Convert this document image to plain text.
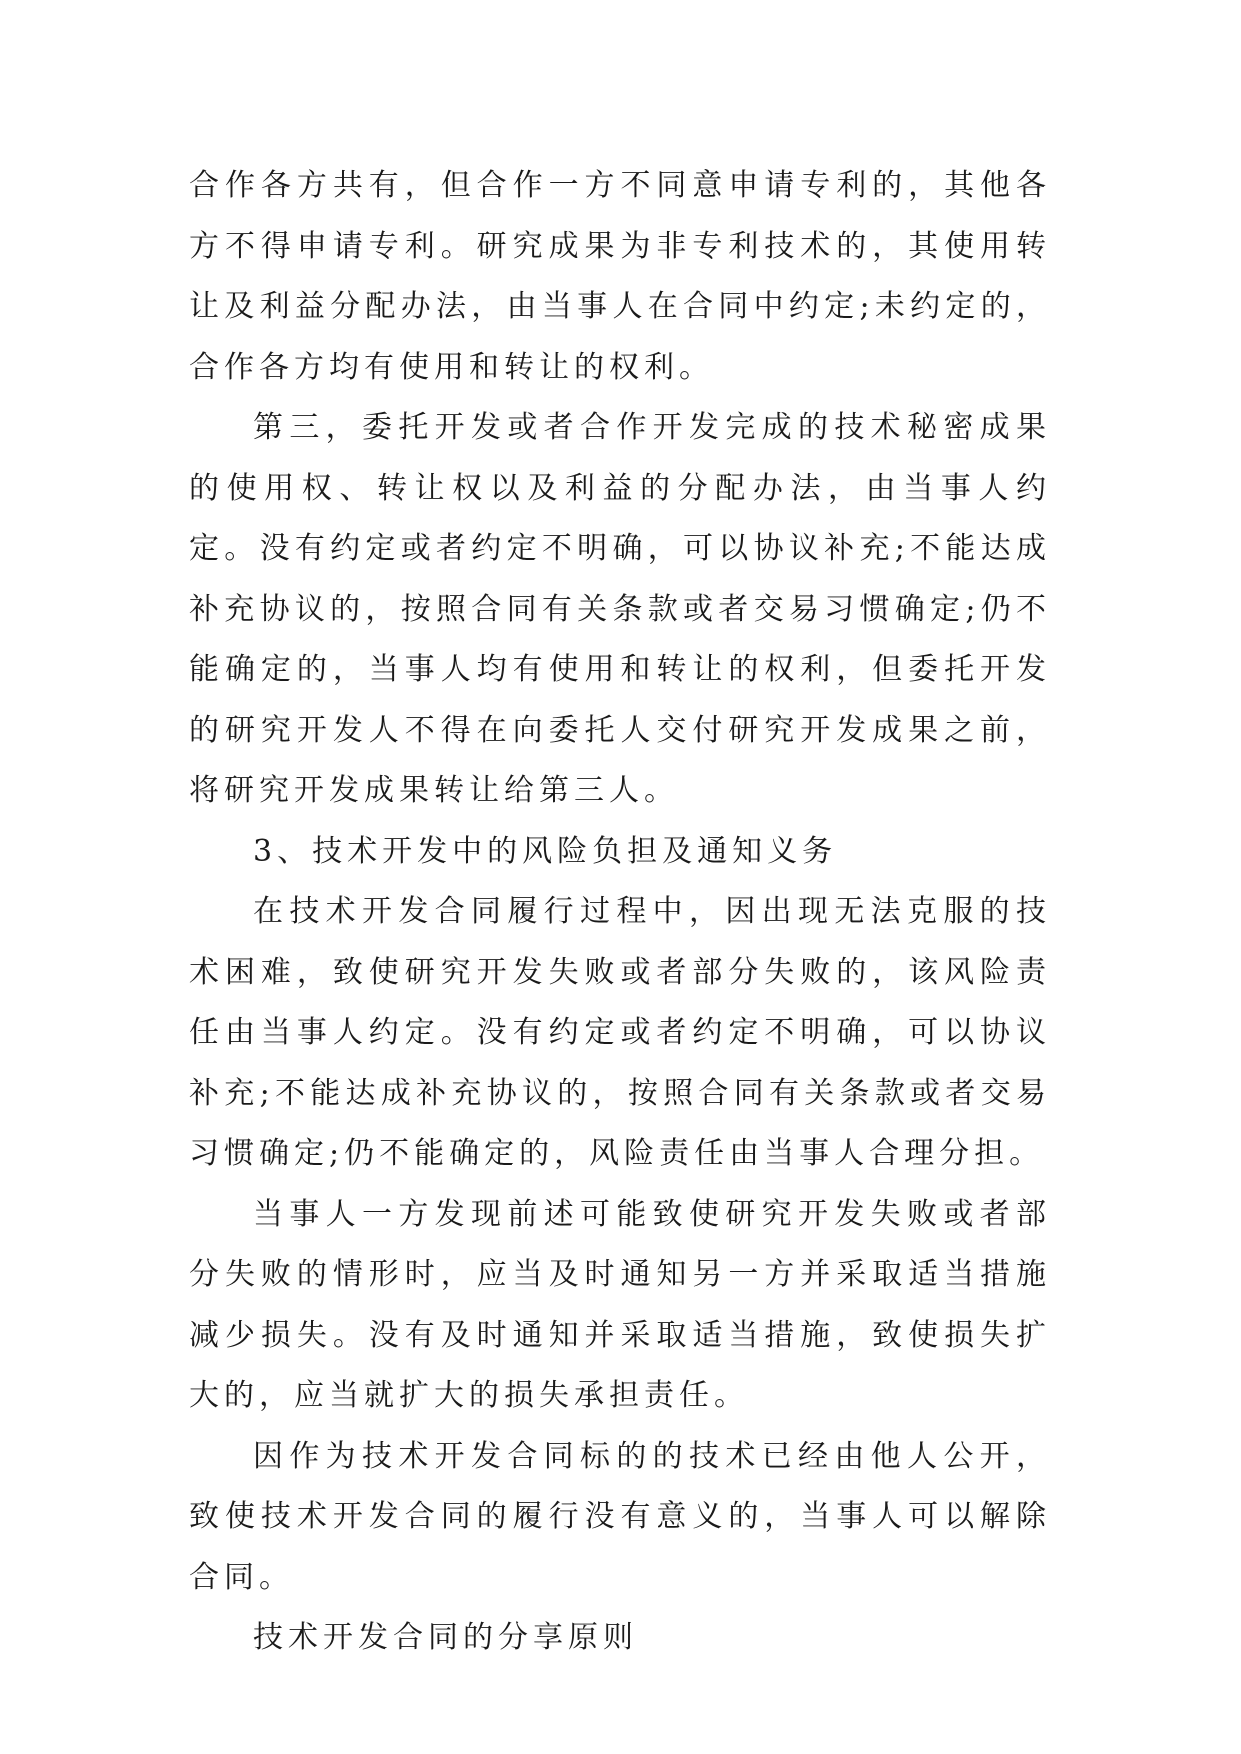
合作各方共有，但合作一方不同意申请专利的，其他各方不得申请专利。研究成果为非专利技术的，其使用转让及利益分配办法，由当事人在合同中约定;未约定的，合作各方均有使用和转让的权利。

第三，委托开发或者合作开发完成的技术秘密成果的使用权、转让权以及利益的分配办法，由当事人约定。没有约定或者约定不明确，可以协议补充;不能达成补充协议的，按照合同有关条款或者交易习惯确定;仍不能确定的，当事人均有使用和转让的权利，但委托开发的研究开发人不得在向委托人交付研究开发成果之前，将研究开发成果转让给第三人。

3、技术开发中的风险负担及通知义务

在技术开发合同履行过程中，因出现无法克服的技术困难，致使研究开发失败或者部分失败的，该风险责任由当事人约定。没有约定或者约定不明确，可以协议补充;不能达成补充协议的，按照合同有关条款或者交易习惯确定;仍不能确定的，风险责任由当事人合理分担。

当事人一方发现前述可能致使研究开发失败或者部分失败的情形时，应当及时通知另一方并采取适当措施减少损失。没有及时通知并采取适当措施，致使损失扩大的，应当就扩大的损失承担责任。

因作为技术开发合同标的的技术已经由他人公开，致使技术开发合同的履行没有意义的，当事人可以解除合同。

技术开发合同的分享原则
